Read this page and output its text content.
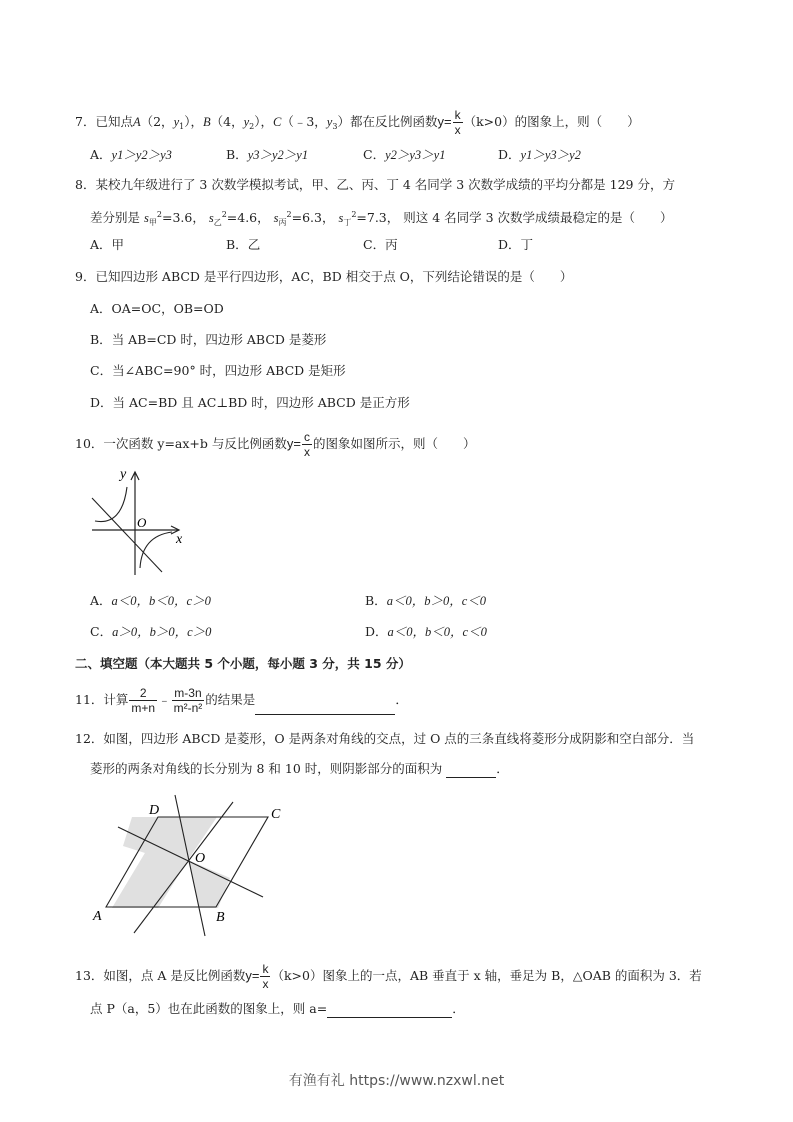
7．已知点A（2，$y_1$），B（4，$y_2$），C（﹣3，$y_3$）都在反比例函数$y= \frac{k}{x} (k>0)$的图象上，则（　　）
A．y1＞y2＞y3	B．y3＞y2＞y1	C．y2＞y3＞y1	D．y1＞y3＞y2
8．某校九年级进行了 3 次数学模拟考试，甲、乙、丙、丁 4 名同学 3 次数学成绩的平均分都是 129 分，方
差分别是 $s_甲^2=3.6$， $s_乙^2=4.6$， $s_丙^2=6.3$， $s_丁^2=7.3$， 则这 4 名同学 3 次数学成绩最稳定的是（　　）
A．甲	B．乙	C．丙	D．丁
9．已知四边形 ABCD 是平行四边形，AC，BD 相交于点 O，下列结论错误的是（　　）
A．OA=OC，OB=OD
B．当 AB=CD 时，四边形 ABCD 是菱形
C．当∠ABC=90° 时，四边形 ABCD 是矩形
D．当 AC=BD 且 AC⊥BD 时，四边形 ABCD 是正方形
10．一次函数 y=ax+b 与反比例函数$y= \frac{c}{x}$ 的图象如图所示，则（　　）
y
O
x
A．a＜0，b＜0，c＞0	B．a＜0，b＞0，c＜0
C．a＞0，b＞0，c＞0	D．a＜0，b＜0，c＜0
二、填空题（本大题共 5 个小题，每小题 3 分，共 15 分）
11．计算 $\frac{2}{m+n}$ ﹣ $\frac{m-3n}{\text{m²-n²}}$ 的结果是	．
12．如图，四边形 ABCD 是菱形，O 是两条对角线的交点，过 O 点的三条直线将菱形分成阴影和空白部分．当
菱形的两条对角线的长分别为 8 和 10 时，则阴影部分的面积为	．
D	C
O
A	B
13．如图，点 A 是反比例函数$y= \frac{k}{x} (k>0)$图象上的一点，AB 垂直于 x 轴，垂足为 B，△OAB 的面积为 3．若
点 P（a，5）也在此函数的图象上，则 a=	．
有渔有礼 https://www.nzxwl.net
